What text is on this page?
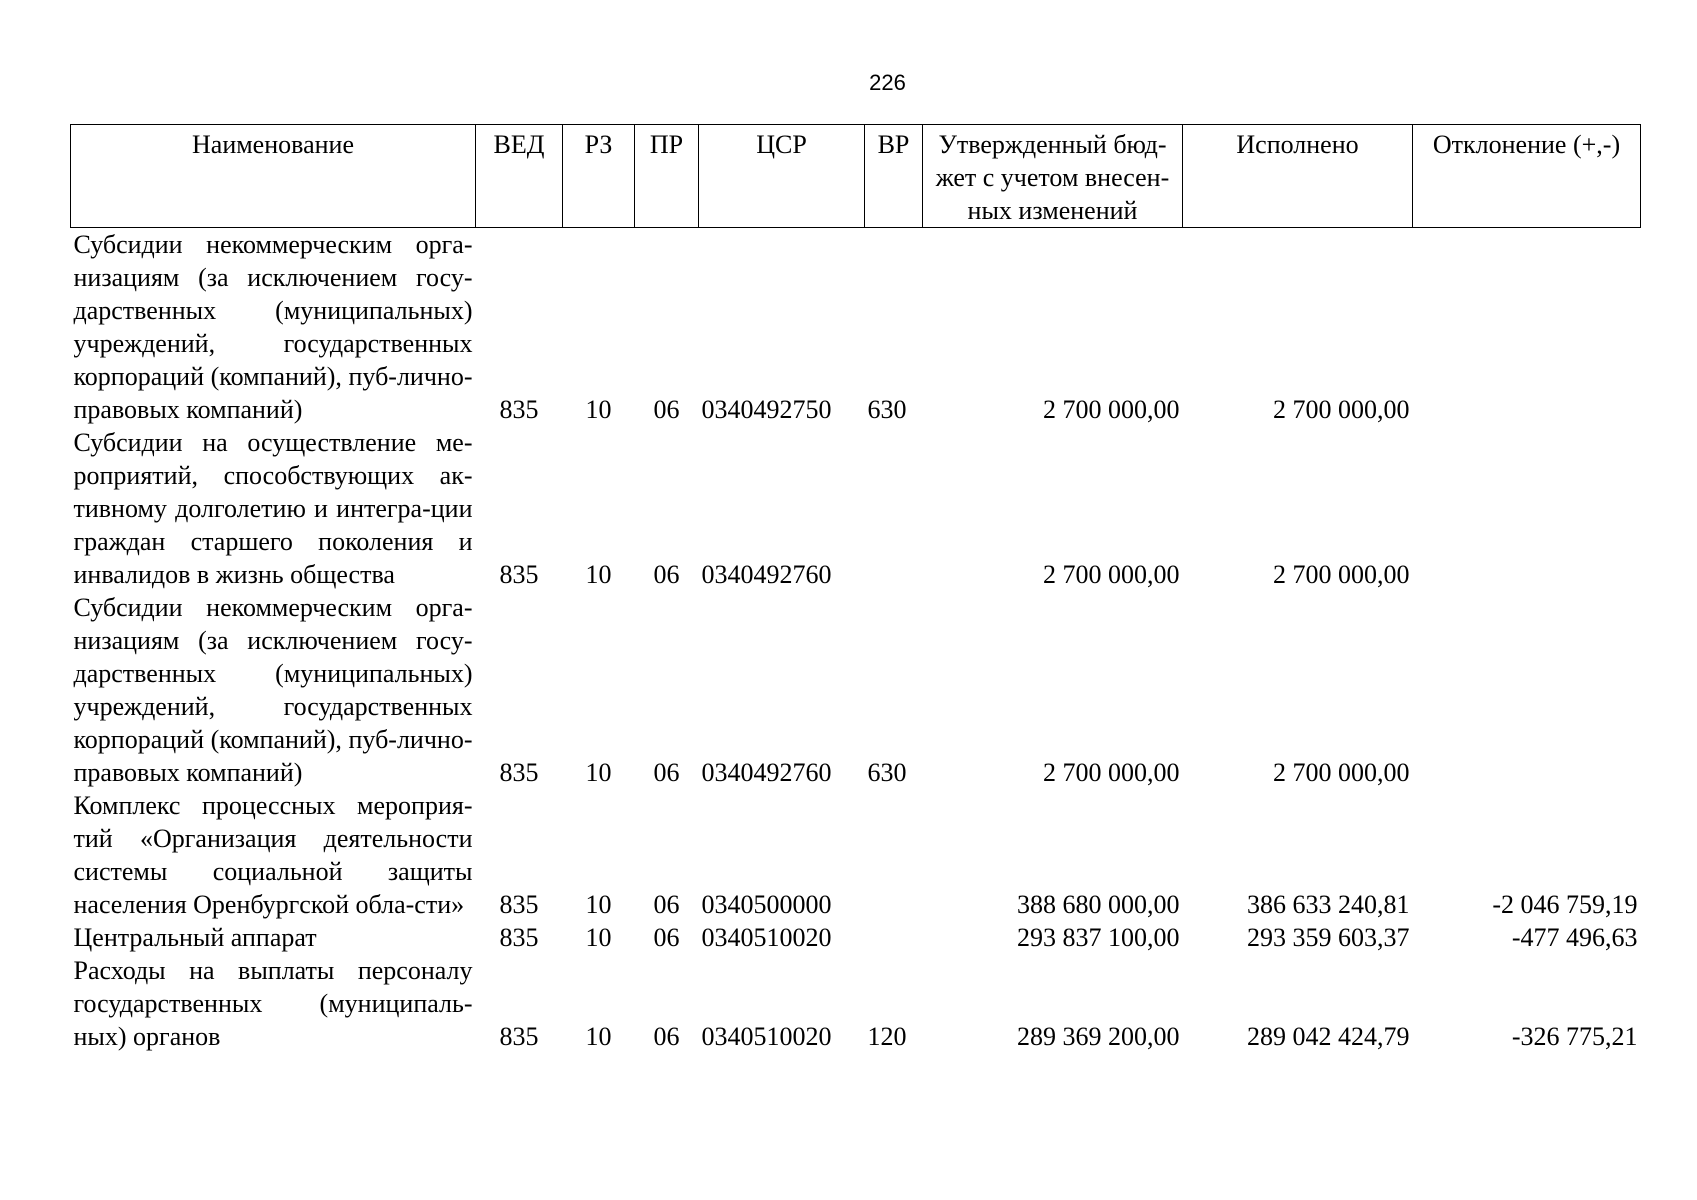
226
Наименование	ВЕД	РЗ	ПР	ЦСР	ВР	Утвержденный бюд-жет с учетом внесен-ных изменений	Исполнено	Отклонение (+,-)
Субсидии некоммерческим орга-низациям (за исключением госу-дарственных (муниципальных) учреждений, государственных корпораций (компаний), пуб-лично-правовых компаний)	835	10	06	0340492750	630	2 700 000,00	2 700 000,00	
Субсидии на осуществление ме-роприятий, способствующих ак-тивному долголетию и интегра-ции граждан старшего поколения и инвалидов в жизнь общества	835	10	06	0340492760		2 700 000,00	2 700 000,00	
Субсидии некоммерческим орга-низациям (за исключением госу-дарственных (муниципальных) учреждений, государственных корпораций (компаний), пуб-лично-правовых компаний)	835	10	06	0340492760	630	2 700 000,00	2 700 000,00	
Комплекс процессных мероприя-тий «Организация деятельности системы социальной защиты населения Оренбургской обла-сти»	835	10	06	0340500000		388 680 000,00	386 633 240,81	-2 046 759,19
Центральный аппарат	835	10	06	0340510020		293 837 100,00	293 359 603,37	-477 496,63
Расходы на выплаты персоналу государственных (муниципаль-ных) органов	835	10	06	0340510020	120	289 369 200,00	289 042 424,79	-326 775,21
